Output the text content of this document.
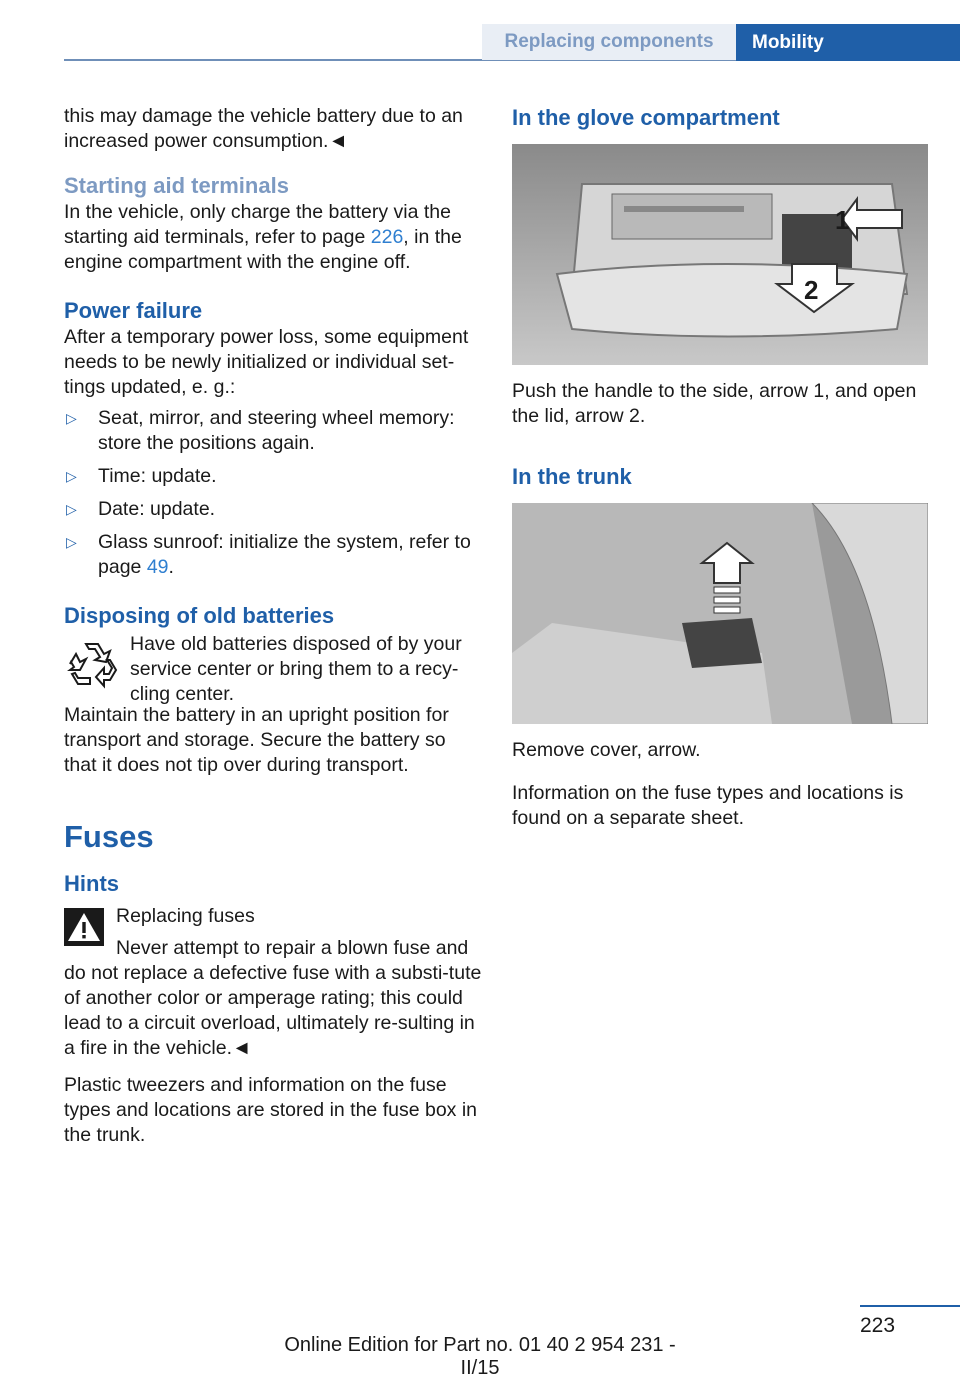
Replacing components	Mobility

this may damage the vehicle battery due to an increased power consumption.◄

Starting aid terminals

In the vehicle, only charge the battery via the starting aid terminals, refer to page 226, in the engine compartment with the engine off.

Power failure

After a temporary power loss, some equipment needs to be newly initialized or individual set-tings updated, e. g.:

▷ Seat, mirror, and steering wheel memory: store the positions again.
▷ Time: update.
▷ Date: update.
▷ Glass sunroof: initialize the system, refer to page 49.
Disposing of old batteries

Have old batteries disposed of by your service center or bring them to a recy-cling center.

Maintain the battery in an upright position for transport and storage. Secure the battery so that it does not tip over during transport.

Fuses
Hints

Replacing fuses

Never attempt to repair a blown fuse and do not replace a defective fuse with a substi-tute of another color or amperage rating; this could lead to a circuit overload, ultimately re-sulting in a fire in the vehicle.◄

Plastic tweezers and information on the fuse types and locations are stored in the fuse box in the trunk.

In the glove compartment
1
2

Push the handle to the side, arrow 1, and open the lid, arrow 2.

In the trunk

Remove cover, arrow.

Information on the fuse types and locations is found on a separate sheet.

223
Online Edition for Part no. 01 40 2 954 231 - II/15
